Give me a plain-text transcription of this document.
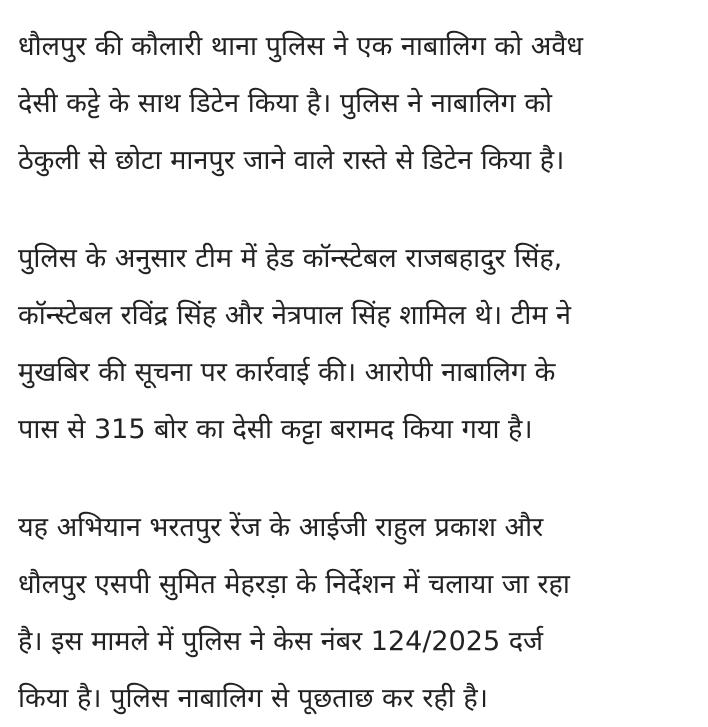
धौलपुर की कौलारी थाना पुलिस ने एक नाबालिग को अवैध
देसी कट्टे के साथ डिटेन किया है। पुलिस ने नाबालिग को
ठेकुली से छोटा मानपुर जाने वाले रास्ते से डिटेन किया है।

पुलिस के अनुसार टीम में हेड कॉन्स्टेबल राजबहादुर सिंह,
कॉन्स्टेबल रविंद्र सिंह और नेत्रपाल सिंह शामिल थे। टीम ने
मुखबिर की सूचना पर कार्रवाई की। आरोपी नाबालिग के
पास से 315 बोर का देसी कट्टा बरामद किया गया है।

यह अभियान भरतपुर रेंज के आईजी राहुल प्रकाश और
धौलपुर एसपी सुमित मेहरड़ा के निर्देशन में चलाया जा रहा
है। इस मामले में पुलिस ने केस नंबर 124/2025 दर्ज
किया है। पुलिस नाबालिग से पूछताछ कर रही है।
